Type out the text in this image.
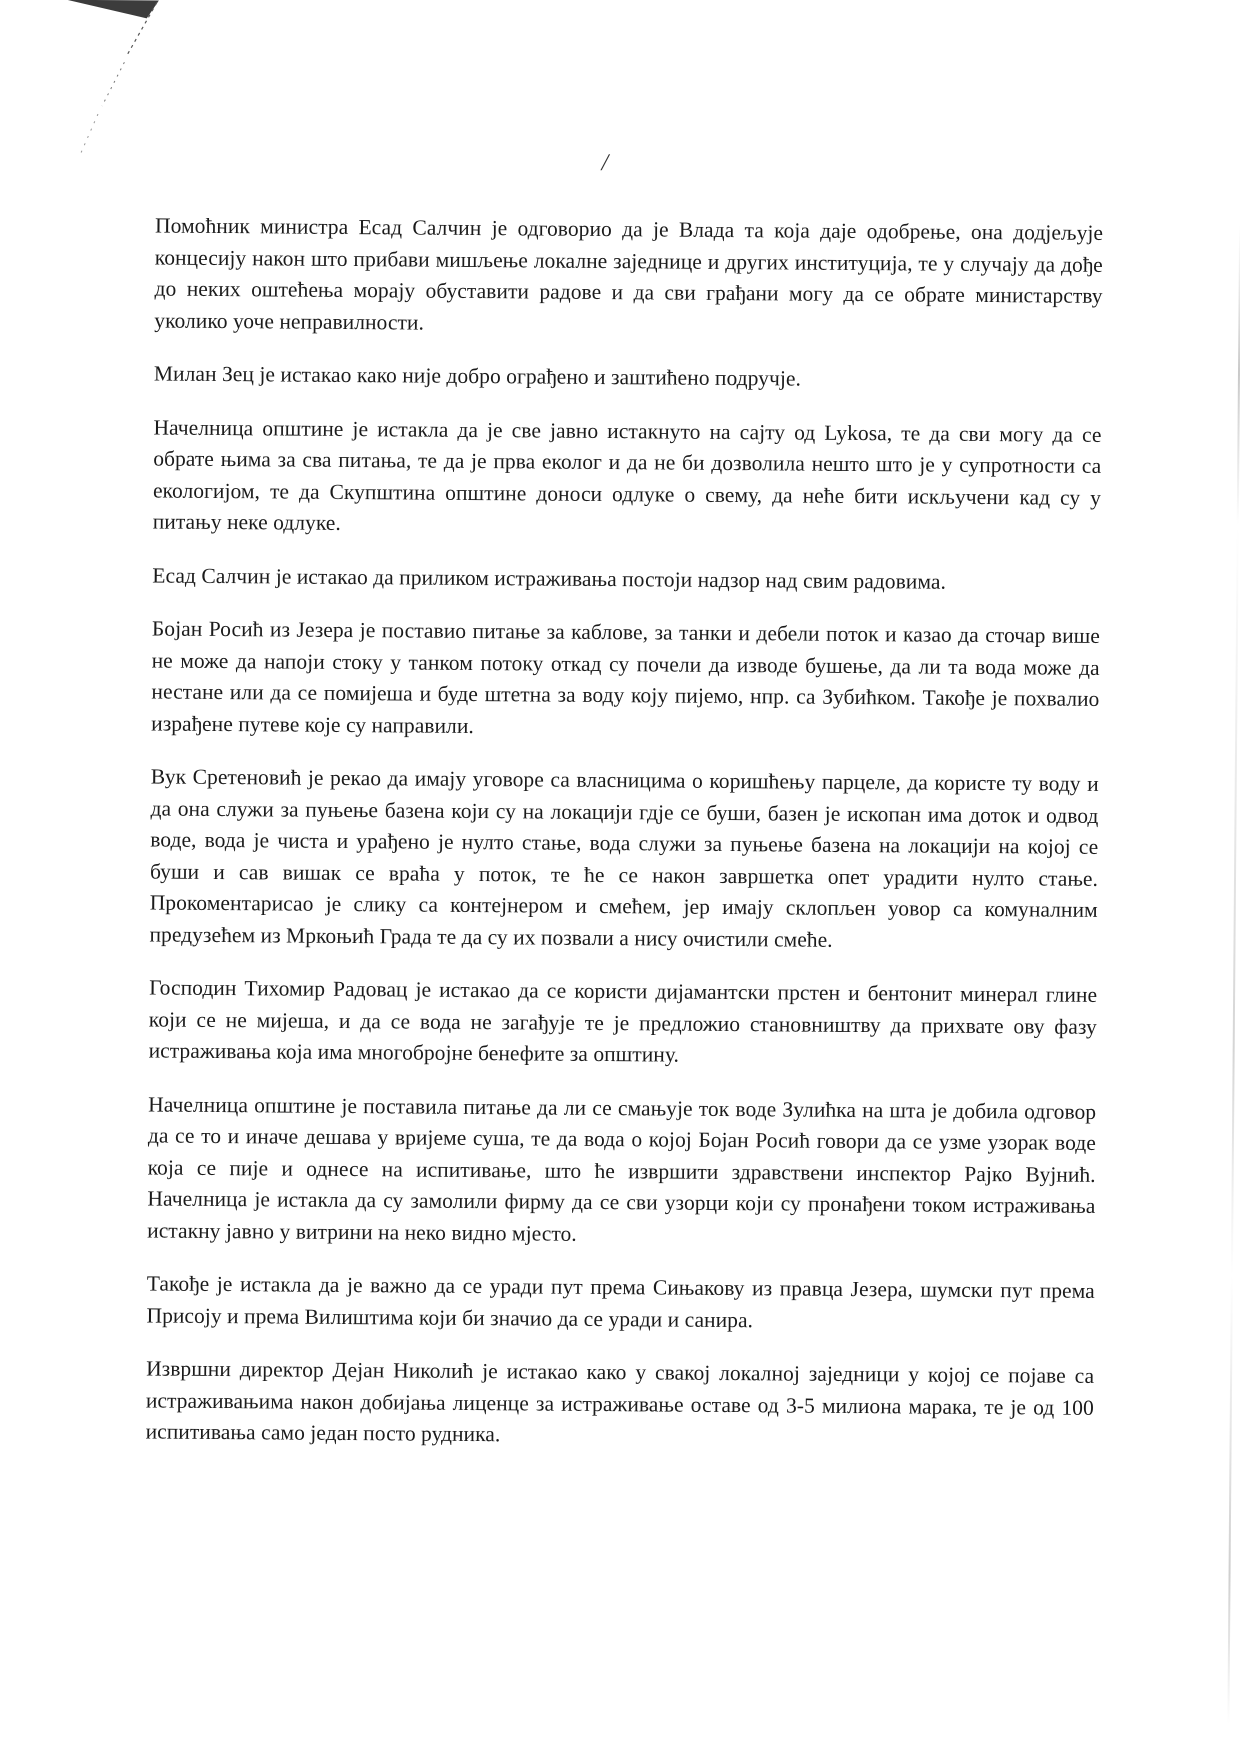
/

Помоћник министра Есад Салчин је одговорио да је Влада та која даје одобрење, она додјељује концесију након што прибави мишљење локалне заједнице и других институција, те у случају да дође до неких оштећења морају обуставити радове и да сви грађани могу да се обрате министарству уколико уоче неправилности.

Милан Зец је истакао како није добро ограђено и заштићено подручје.

Начелница општине је истакла да је све јавно истакнуто на сајту од Lykosa, те да сви могу да се обрате њима за сва питања, те да је прва еколог и да не би дозволила нешто што је у супротности са екологијом, те да Скупштина општине доноси одлуке о свему, да неће бити искључени кад су у питању неке одлуке.

Есад Салчин је истакао да приликом истраживања постоји надзор над свим радовима.

Бојан Росић из Језера је поставио питање за каблове, за танки и дебели поток и казао да сточар више не може да напоји стоку у танком потоку откад су почели да изводе бушење, да ли та вода може да нестане или да се помијеша и буде штетна за воду коју пијемо, нпр. са Зубићком. Такође је похвалио израђене путеве које су направили.

Вук Сретеновић је рекао да имају уговоре са власницима о коришћењу парцеле, да користе ту воду и да она служи за пуњење базена који су на локацији гдје се буши, базен је ископан има доток и одвод воде, вода је чиста и урађено је нулто стање, вода служи за пуњење базена на локацији на којој се буши и сав вишак се враћа у поток, те ће се након завршетка опет урадити нулто стање. Прокоментарисао је слику са контејнером и смећем, јер имају склопљен уовор са комуналним предузећем из Мркоњић Града те да су их позвали а нису очистили смеће.

Господин Тихомир Радовац је истакао да се користи дијамантски прстен и бентонит минерал глине који се не мијеша, и да се вода не загађује те је предложио становништву да прихвате ову фазу истраживања која има многобројне бенефите за општину.

Начелница општине је поставила питање да ли се смањује ток воде Зулићка на шта је добила одговор да се то и иначе дешава у вријеме суша, те да вода о којој Бојан Росић говори да се узме узорак воде која се пије и однесе на испитивање, што ће извршити здравствени инспектор Рајко Вујнић. Начелница је истакла да су замолили фирму да се сви узорци који су пронађени током истраживања истакну јавно у витрини на неко видно мјесто.

Такође је истакла да је важно да се уради пут према Сињакову из правца Језера, шумски пут према Присоју и према Вилиштима који би значио да се уради и санира.

Извршни директор Дејан Николић је истакао како у свакој локалној заједници у којој се појаве са истраживањима након добијања лиценце за истраживање оставе од 3-5 милиона марака, те је од 100 испитивања само један посто рудника.
